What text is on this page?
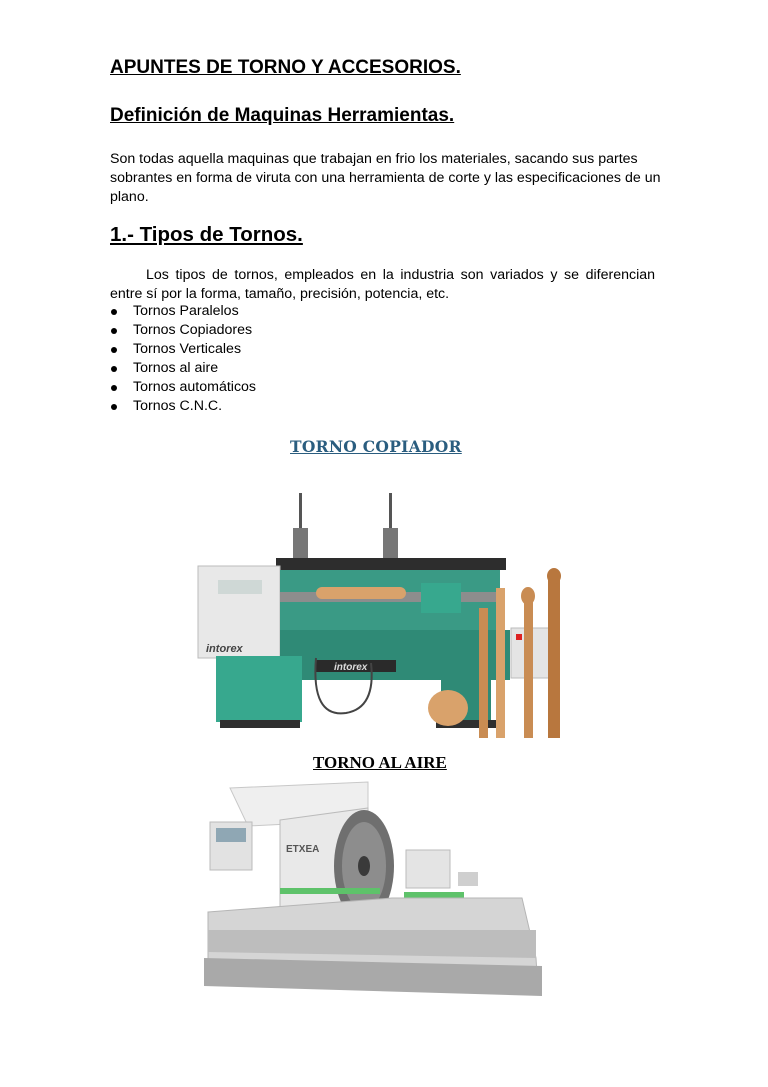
APUNTES DE TORNO Y ACCESORIOS.
Definición de Maquinas Herramientas.

Son todas aquella maquinas que trabajan en frio los materiales, sacando sus partes sobrantes en forma de viruta con una herramienta de corte y las especificaciones de un plano.

1.- Tipos de Tornos.

Los tipos de tornos, empleados en la industria son variados y se diferencian entre sí por la forma, tamaño, precisión, potencia, etc.

Tornos Paralelos
Tornos Copiadores
Tornos Verticales
Tornos al aire
Tornos automáticos
Tornos C.N.C.
TORNO COPIADOR
intorex
intorex
TORNO AL AIRE
ETXEA
